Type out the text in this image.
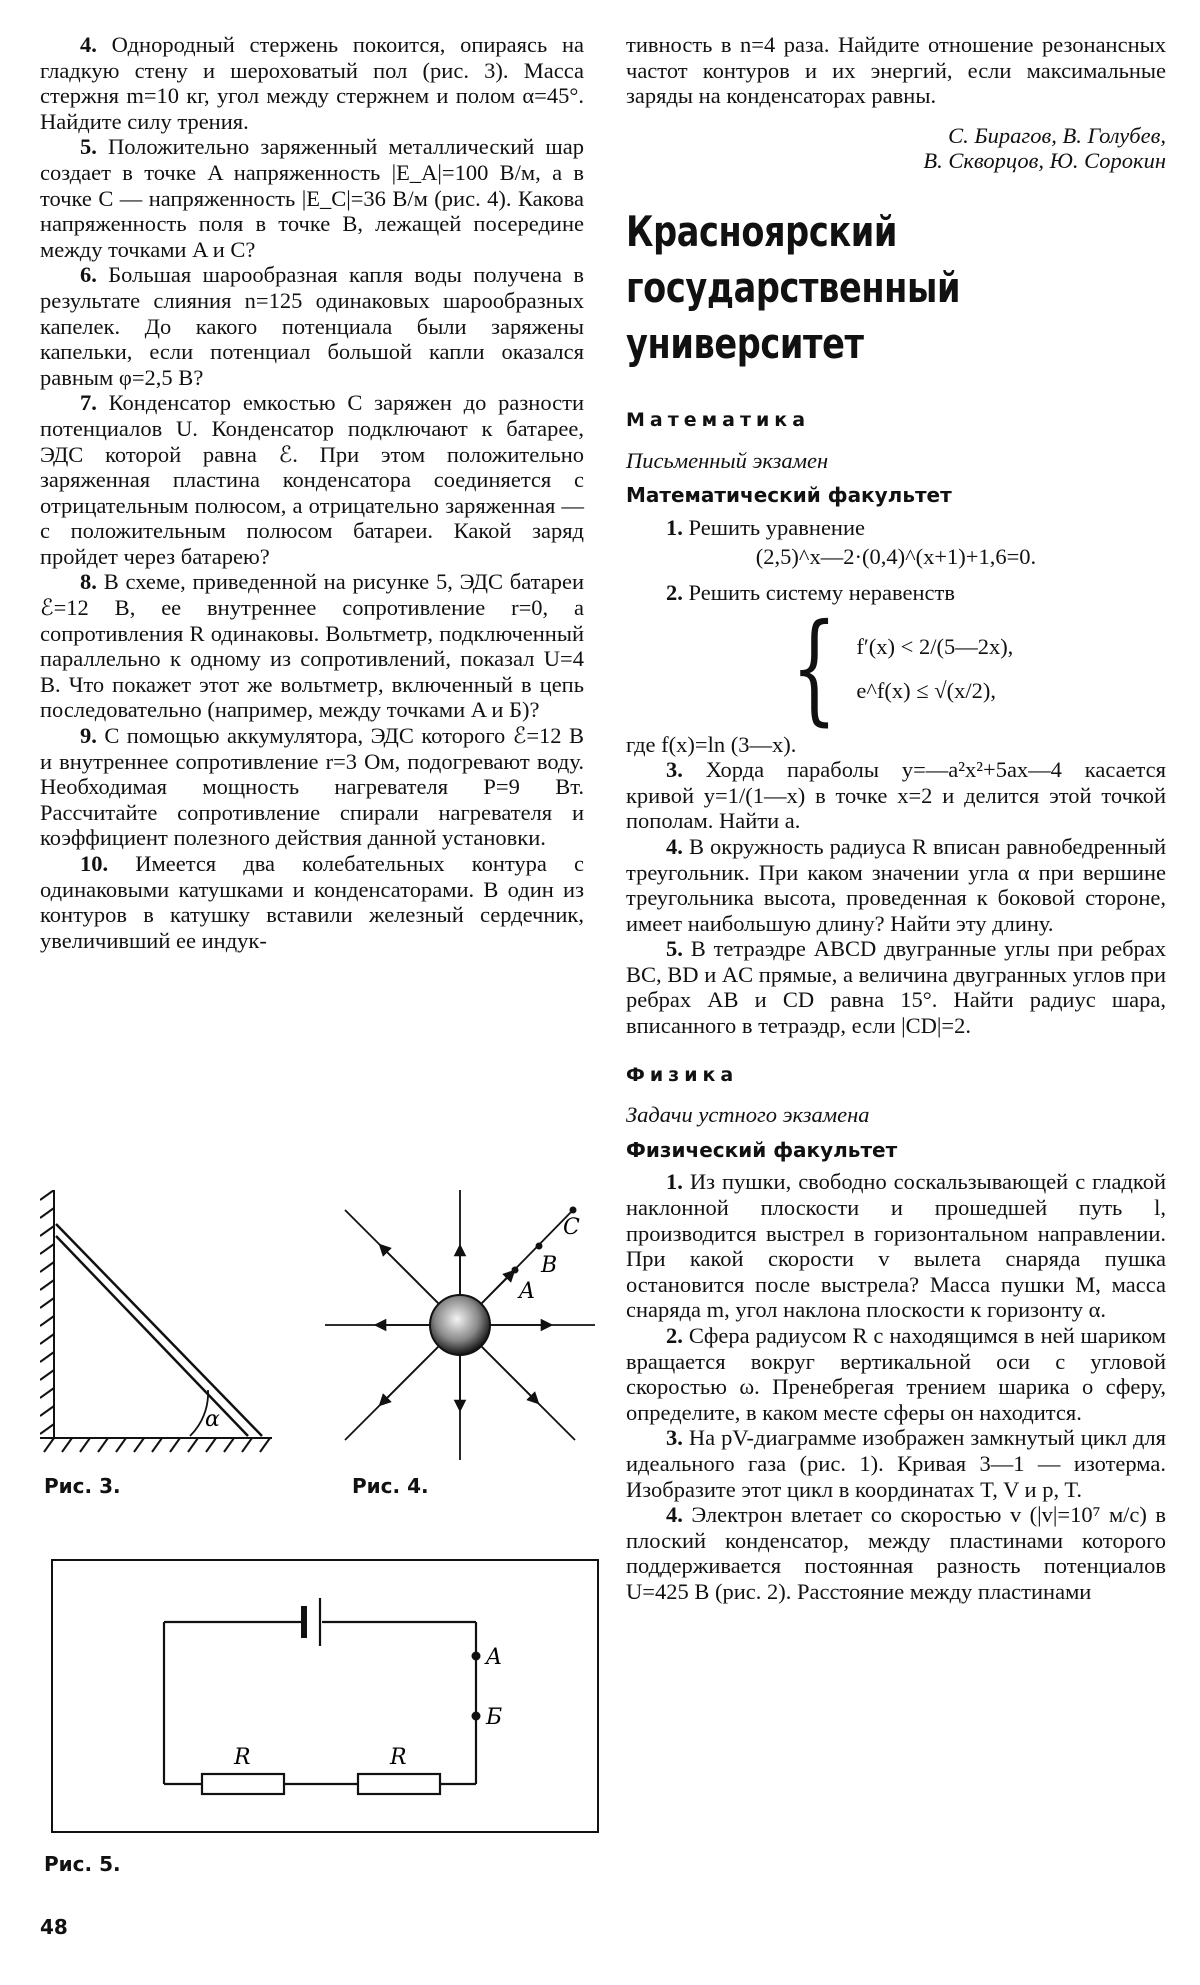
4. Однородный стержень покоится, опираясь на гладкую стену и шероховатый пол (рис. 3). Масса стержня m=10 кг, угол между стержнем и полом α=45°. Найдите силу трения.

5. Положительно заряженный металлический шар создает в точке A напряженность |E_A|=100 В/м, а в точке C — напряженность |E_C|=36 В/м (рис. 4). Какова напряженность поля в точке B, лежащей посередине между точками A и C?

6. Большая шарообразная капля воды получена в результате слияния n=125 одинаковых шарообразных капелек. До какого потенциала были заряжены капельки, если потенциал большой капли оказался равным φ=2,5 В?

7. Конденсатор емкостью C заряжен до разности потенциалов U. Конденсатор подключают к батарее, ЭДС которой равна ℰ. При этом положительно заряженная пластина конденсатора соединяется с отрицательным полюсом, а отрицательно заряженная — с положительным полюсом батареи. Какой заряд пройдет через батарею?

8. В схеме, приведенной на рисунке 5, ЭДС батареи ℰ=12 В, ее внутреннее сопротивление r=0, а сопротивления R одинаковы. Вольтметр, подключенный параллельно к одному из сопротивлений, показал U=4 В. Что покажет этот же вольтметр, включенный в цепь последовательно (например, между точками A и Б)?

9. С помощью аккумулятора, ЭДС которого ℰ=12 В и внутреннее сопротивление r=3 Ом, подогревают воду. Необходимая мощность нагревателя P=9 Вт. Рассчитайте сопротивление спирали нагревателя и коэффициент полезного действия данной установки.

10. Имеется два колебательных контура с одинаковыми катушками и конденсаторами. В один из контуров в катушку вставили железный сердечник, увеличивший ее индук-

α
Рис. 3.
A
B
C
Рис. 4.
R	R
A
Б
Рис. 5.

тивность в n=4 раза. Найдите отношение резонансных частот контуров и их энергий, если максимальные заряды на конденсаторах равны.

С. Бирагов, В. Голубев,
В. Скворцов, Ю. Сорокин
Красноярский
государственный
университет
Математика
Письменный экзамен
Математический факультет

1. Решить уравнение

(2,5)^x—2·(0,4)^(x+1)+1,6=0.

2. Решить систему неравенств

{ f′(x) < 2/(5—2x),
e^f(x) ≤ √(x/2),

где f(x)=ln (3—x).

3. Хорда параболы y=—a²x²+5ax—4 касается кривой y=1/(1—x) в точке x=2 и делится этой точкой пополам. Найти a.

4. В окружность радиуса R вписан равнобедренный треугольник. При каком значении угла α при вершине треугольника высота, проведенная к боковой стороне, имеет наибольшую длину? Найти эту длину.

5. В тетраэдре ABCD двугранные углы при ребрах BC, BD и AC прямые, а величина двугранных углов при ребрах AB и CD равна 15°. Найти радиус шара, вписанного в тетраэдр, если |CD|=2.

Физика
Задачи устного экзамена
Физический факультет

1. Из пушки, свободно соскальзывающей с гладкой наклонной плоскости и прошедшей путь l, производится выстрел в горизонтальном направлении. При какой скорости v вылета снаряда пушка остановится после выстрела? Масса пушки M, масса снаряда m, угол наклона плоскости к горизонту α.

2. Сфера радиусом R с находящимся в ней шариком вращается вокруг вертикальной оси с угловой скоростью ω. Пренебрегая трением шарика о сферу, определите, в каком месте сферы он находится.

3. На pV-диаграмме изображен замкнутый цикл для идеального газа (рис. 1). Кривая 3—1 — изотерма. Изобразите этот цикл в координатах T, V и p, T.

4. Электрон влетает со скоростью v (|v|=10⁷ м/с) в плоский конденсатор, между пластинами которого поддерживается постоянная разность потенциалов U=425 В (рис. 2). Расстояние между пластинами

48
